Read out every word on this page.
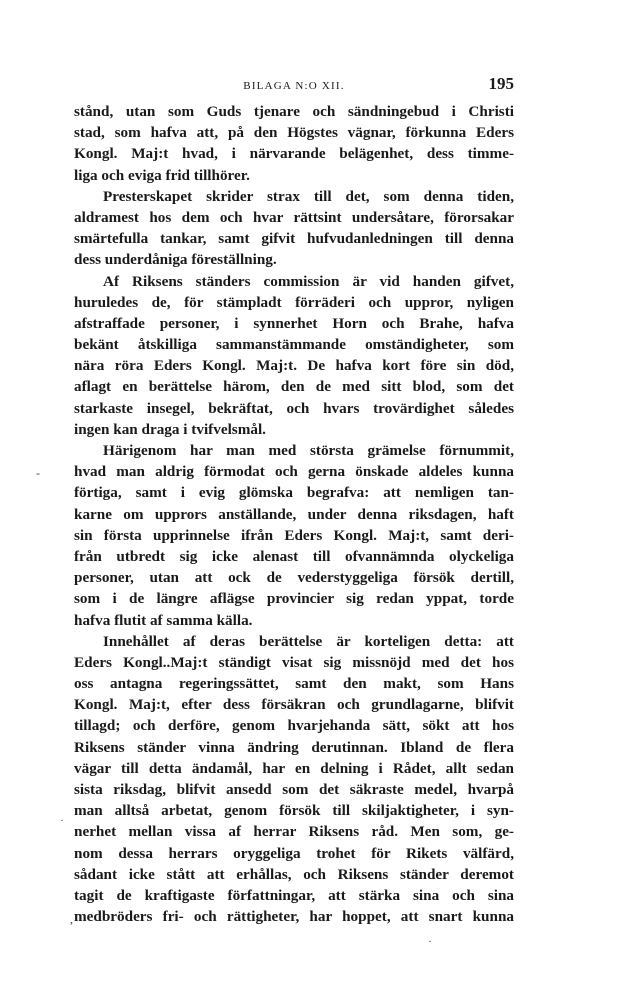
BILAGA N:O XII.	195
stånd, utan som Guds tjenare och sändningebud i Christi
stad, som hafva att, på den Högstes vägnar, förkunna Eders
Kongl. Maj:t hvad, i närvarande belägenhet, dess timme-
liga och eviga frid tillhörer.
Presterskapet skrider strax till det, som denna tiden,
aldramest hos dem och hvar rättsint undersåtare, förorsakar
smärtefulla tankar, samt gifvit hufvudanledningen till denna
dess underdåniga föreställning.
Af Riksens ständers commission är vid handen gifvet,
huruledes de, för stämpladt förräderi och uppror, nyligen
afstraffade personer, i synnerhet Horn och Brahe, hafva
bekänt åtskilliga sammanstämmande omständigheter, som
nära röra Eders Kongl. Maj:t. De hafva kort före sin död,
aflagt en berättelse härom, den de med sitt blod, som det
starkaste insegel, bekräftat, och hvars trovärdighet således
ingen kan draga i tvifvelsmål.
Härigenom har man med största grämelse förnummit,
hvad man aldrig förmodat och gerna önskade aldeles kunna
förtiga, samt i evig glömska begrafva: att nemligen tan-
karne om upprors anställande, under denna riksdagen, haft
sin första upprinnelse ifrån Eders Kongl. Maj:t, samt deri-
från utbredt sig icke alenast till ofvannämnda olyckeliga
personer, utan att ock de vederstyggeliga försök dertill,
som i de längre aflägse provincier sig redan yppat, torde
hafva flutit af samma källa.
Innehållet af deras berättelse är korteligen detta: att
Eders Kongl..Maj:t ständigt visat sig missnöjd med det hos
oss antagna regeringssättet, samt den makt, som Hans
Kongl. Maj:t, efter dess försäkran och grundlagarne, blifvit
tillagd; och derföre, genom hvarjehanda sätt, sökt att hos
Riksens ständer vinna ändring derutinnan. Ibland de flera
vägar till detta ändamål, har en delning i Rådet, allt sedan
sista riksdag, blifvit ansedd som det säkraste medel, hvarpå
man alltså arbetat, genom försök till skiljaktigheter, i syn-
nerhet mellan vissa af herrar Riksens råd. Men som, ge-
nom dessa herrars oryggeliga trohet för Rikets välfärd,
sådant icke stått att erhållas, och Riksens ständer deremot
tagit de kraftigaste författningar, att stärka sina och sina
medbröders fri- och rättigheter, har hoppet, att snart kunna
-
·
,
·
